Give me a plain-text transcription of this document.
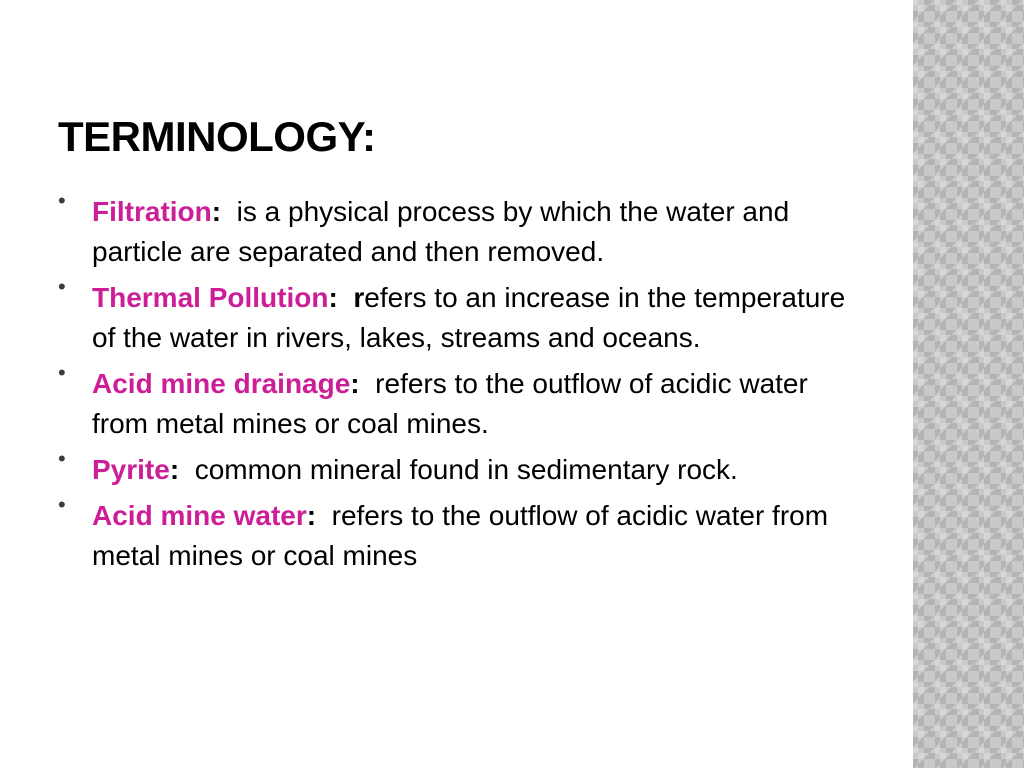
TERMINOLOGY:
• Filtration:  is a physical process by which the water and particle are separated and then removed.
• Thermal Pollution:  refers to an increase in the temperature of the water in rivers, lakes, streams and oceans.
• Acid mine drainage:  refers to the outflow of acidic water from metal mines or coal mines.
• Pyrite:  common mineral found in sedimentary rock.
• Acid mine water:  refers to the outflow of acidic water from metal mines or coal mines
